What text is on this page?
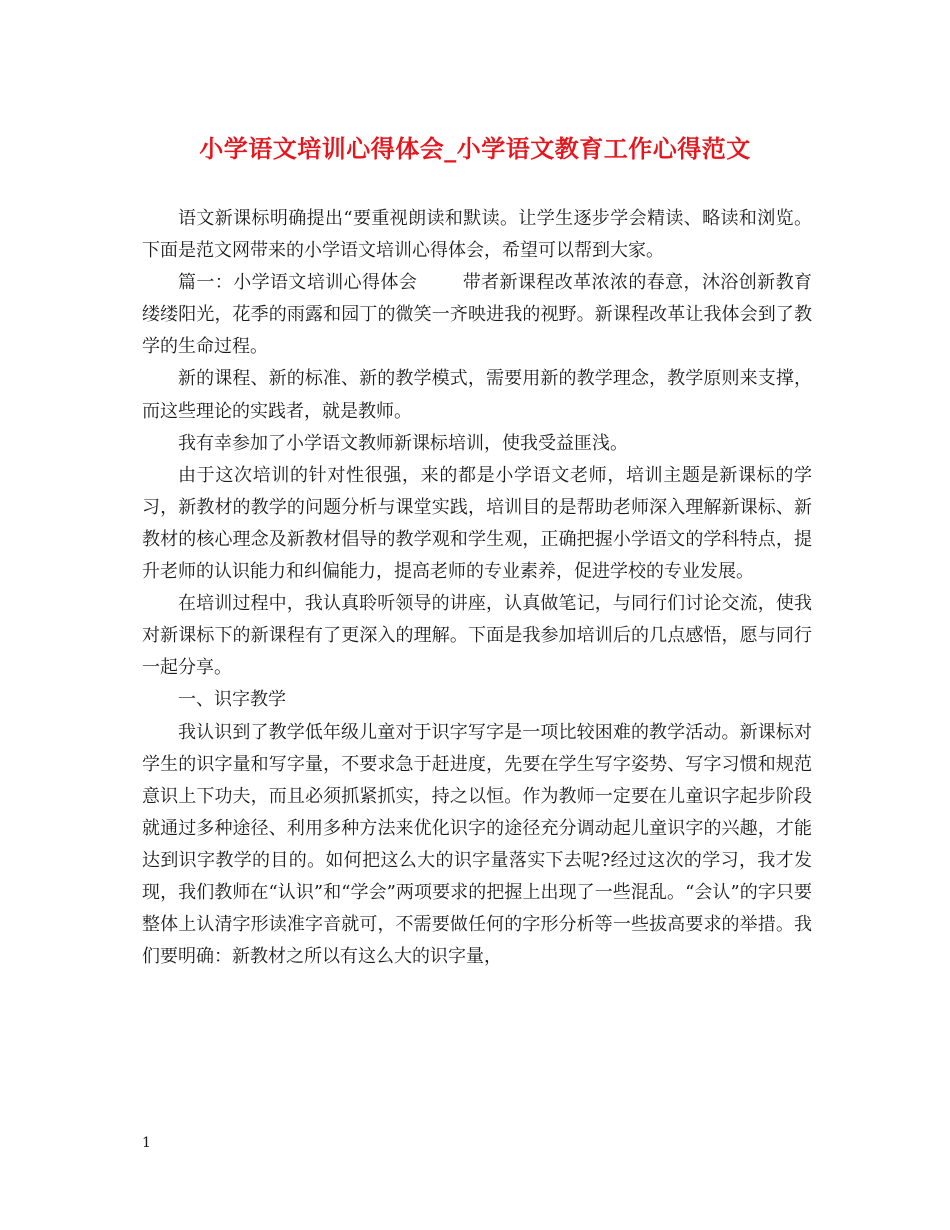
小学语文培训心得体会_小学语文教育工作心得范文

语文新课标明确提出“要重视朗读和默读。让学生逐步学会精读、略读和浏览。下面是范文网带来的小学语文培训心得体会，希望可以帮到大家。

篇一：小学语文培训心得体会	带者新课程改革浓浓的春意，沐浴创新教育缕缕阳光，花季的雨露和园丁的微笑一齐映进我的视野。新课程改革让我体会到了教学的生命过程。

新的课程、新的标准、新的教学模式，需要用新的教学理念，教学原则来支撑，而这些理论的实践者，就是教师。

我有幸参加了小学语文教师新课标培训，使我受益匪浅。

由于这次培训的针对性很强，来的都是小学语文老师，培训主题是新课标的学习，新教材的教学的问题分析与课堂实践，培训目的是帮助老师深入理解新课标、新教材的核心理念及新教材倡导的教学观和学生观，正确把握小学语文的学科特点，提升老师的认识能力和纠偏能力，提高老师的专业素养，促进学校的专业发展。

在培训过程中，我认真聆听领导的讲座，认真做笔记，与同行们讨论交流，使我对新课标下的新课程有了更深入的理解。下面是我参加培训后的几点感悟，愿与同行一起分享。

一、识字教学

我认识到了教学低年级儿童对于识字写字是一项比较困难的教学活动。新课标对学生的识字量和写字量，不要求急于赶进度，先要在学生写字姿势、写字习惯和规范意识上下功夫，而且必须抓紧抓实，持之以恒。作为教师一定要在儿童识字起步阶段就通过多种途径、利用多种方法来优化识字的途径充分调动起儿童识字的兴趣，才能达到识字教学的目的。如何把这么大的识字量落实下去呢?经过这次的学习，我才发现，我们教师在“认识”和“学会”两项要求的把握上出现了一些混乱。“会认”的字只要整体上认清字形读准字音就可，不需要做任何的字形分析等一些拔高要求的举措。我们要明确：新教材之所以有这么大的识字量，

1
